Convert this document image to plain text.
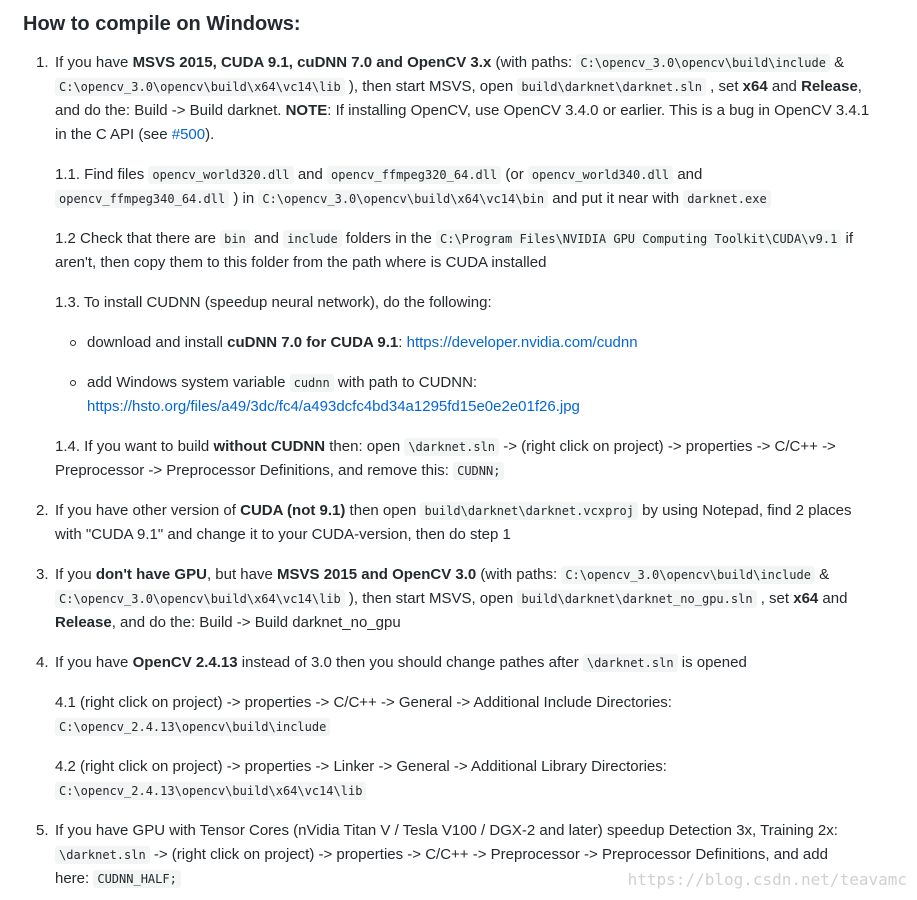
How to compile on Windows:
1. If you have MSVS 2015, CUDA 9.1, cuDNN 7.0 and OpenCV 3.x (with paths: C:\opencv_3.0\opencv\build\include &
C:\opencv_3.0\opencv\build\x64\vc14\lib ), then start MSVS, open build\darknet\darknet.sln , set x64 and Release,
and do the: Build -> Build darknet. NOTE: If installing OpenCV, use OpenCV 3.4.0 or earlier. This is a bug in OpenCV 3.4.1
in the C API (see #500).
1.1. Find files opencv_world320.dll and opencv_ffmpeg320_64.dll (or opencv_world340.dll and
opencv_ffmpeg340_64.dll ) in C:\opencv_3.0\opencv\build\x64\vc14\bin and put it near with darknet.exe
1.2 Check that there are bin and include folders in the C:\Program Files\NVIDIA GPU Computing Toolkit\CUDA\v9.1 if
aren't, then copy them to this folder from the path where is CUDA installed
1.3. To install CUDNN (speedup neural network), do the following:
download and install cuDNN 7.0 for CUDA 9.1: https://developer.nvidia.com/cudnn
add Windows system variable cudnn with path to CUDNN:
https://hsto.org/files/a49/3dc/fc4/a493dcfc4bd34a1295fd15e0e2e01f26.jpg
1.4. If you want to build without CUDNN then: open \darknet.sln -> (right click on project) -> properties -> C/C++ ->
Preprocessor -> Preprocessor Definitions, and remove this: CUDNN;
2. If you have other version of CUDA (not 9.1) then open build\darknet\darknet.vcxproj by using Notepad, find 2 places
with "CUDA 9.1" and change it to your CUDA-version, then do step 1
3. If you don't have GPU, but have MSVS 2015 and OpenCV 3.0 (with paths: C:\opencv_3.0\opencv\build\include &
C:\opencv_3.0\opencv\build\x64\vc14\lib ), then start MSVS, open build\darknet\darknet_no_gpu.sln , set x64 and
Release, and do the: Build -> Build darknet_no_gpu
4. If you have OpenCV 2.4.13 instead of 3.0 then you should change pathes after \darknet.sln is opened
4.1 (right click on project) -> properties -> C/C++ -> General -> Additional Include Directories:
C:\opencv_2.4.13\opencv\build\include
4.2 (right click on project) -> properties -> Linker -> General -> Additional Library Directories:
C:\opencv_2.4.13\opencv\build\x64\vc14\lib
5. If you have GPU with Tensor Cores (nVidia Titan V / Tesla V100 / DGX-2 and later) speedup Detection 3x, Training 2x:
\darknet.sln -> (right click on project) -> properties -> C/C++ -> Preprocessor -> Preprocessor Definitions, and add
here: CUDNN_HALF;	https://blog.csdn.net/teavamc
